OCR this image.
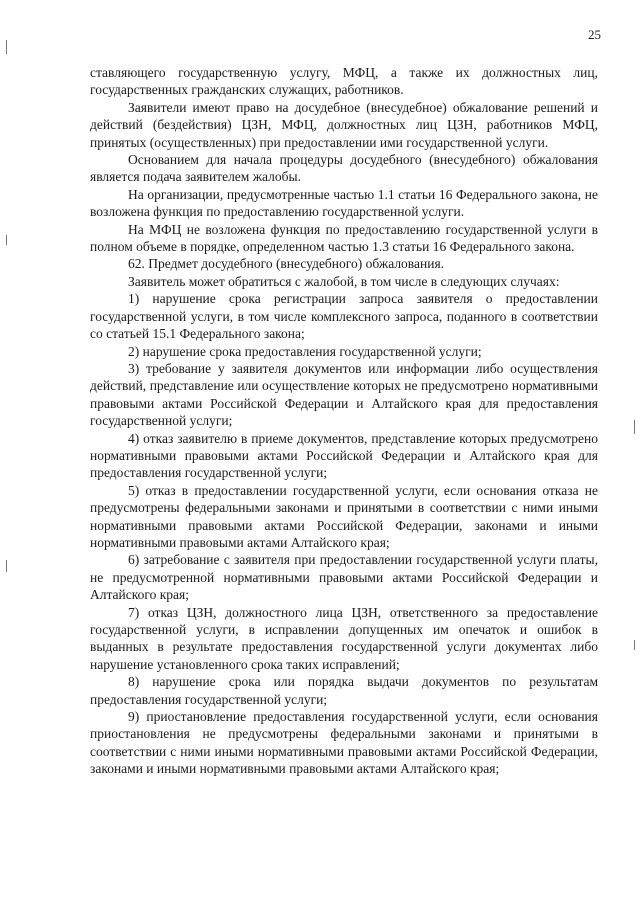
25

ставляющего государственную услугу, МФЦ, а также их должностных лиц, государственных гражданских служащих, работников.

Заявители имеют право на досудебное (внесудебное) обжалование решений и действий (бездействия) ЦЗН, МФЦ, должностных лиц ЦЗН, работников МФЦ, принятых (осуществленных) при предоставлении ими государственной услуги.

Основанием для начала процедуры досудебного (внесудебного) обжалования является подача заявителем жалобы.

На организации, предусмотренные частью 1.1 статьи 16 Федерального закона, не возложена функция по предоставлению государственной услуги.

На МФЦ не возложена функция по предоставлению государственной услуги в полном объеме в порядке, определенном частью 1.3 статьи 16 Федерального закона.

62. Предмет досудебного (внесудебного) обжалования.

Заявитель может обратиться с жалобой, в том числе в следующих случаях:

1) нарушение срока регистрации запроса заявителя о предоставлении государственной услуги, в том числе комплексного запроса, поданного в соответствии со статьей 15.1 Федерального закона;

2) нарушение срока предоставления государственной услуги;

3) требование у заявителя документов или информации либо осуществления действий, представление или осуществление которых не предусмотрено нормативными правовыми актами Российской Федерации и Алтайского края для предоставления государственной услуги;

4) отказ заявителю в приеме документов, представление которых предусмотрено нормативными правовыми актами Российской Федерации и Алтайского края для предоставления государственной услуги;

5) отказ в предоставлении государственной услуги, если основания отказа не предусмотрены федеральными законами и принятыми в соответствии с ними иными нормативными правовыми актами Российской Федерации, законами и иными нормативными правовыми актами Алтайского края;

6) затребование с заявителя при предоставлении государственной услуги платы, не предусмотренной нормативными правовыми актами Российской Федерации и Алтайского края;

7) отказ ЦЗН, должностного лица ЦЗН, ответственного за предоставление государственной услуги, в исправлении допущенных им опечаток и ошибок в выданных в результате предоставления государственной услуги документах либо нарушение установленного срока таких исправлений;

8) нарушение срока или порядка выдачи документов по результатам предоставления государственной услуги;

9) приостановление предоставления государственной услуги, если основания приостановления не предусмотрены федеральными законами и принятыми в соответствии с ними иными нормативными правовыми актами Российской Федерации, законами и иными нормативными правовыми актами Алтайского края;
